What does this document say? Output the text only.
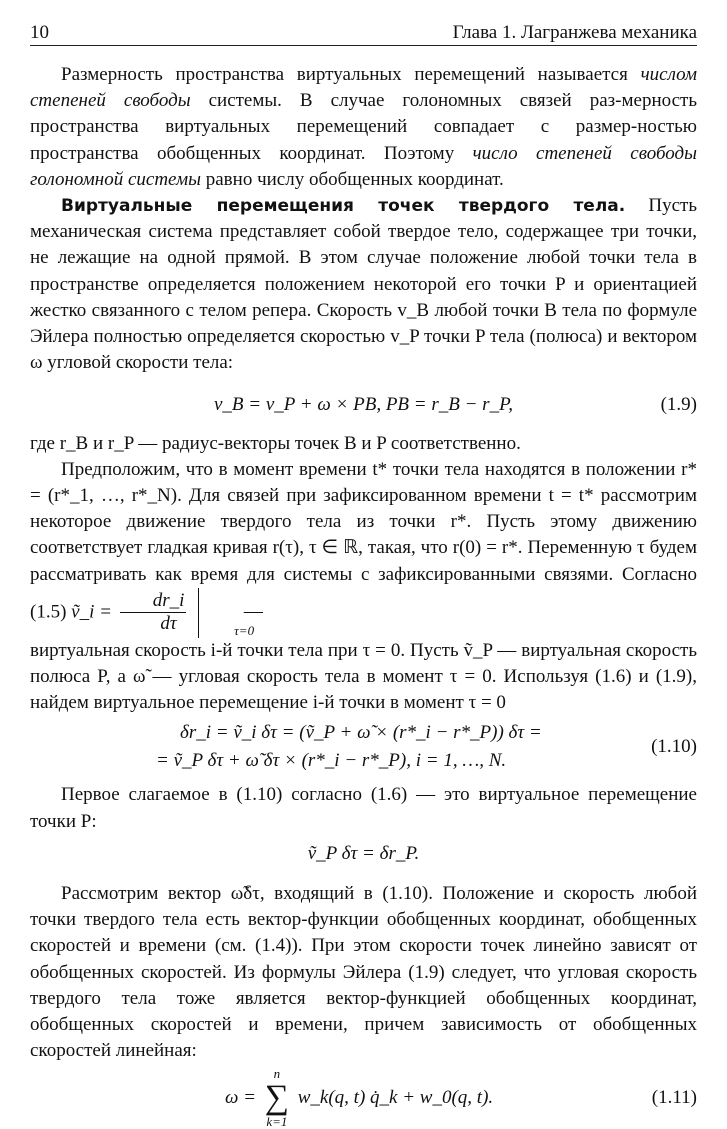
10	Глава 1. Лагранжева механика

Размерность пространства виртуальных перемещений называется числом степеней свободы системы. В случае голономных связей раз-мерность пространства виртуальных перемещений совпадает с размер-ностью пространства обобщенных координат. Поэтому число степеней свободы голономной системы равно числу обобщенных координат.

Виртуальные перемещения точек твердого тела. Пусть механическая система представляет собой твердое тело, содержащее три точки, не лежащие на одной прямой. В этом случае положение любой точки тела в пространстве определяется положением некоторой его точки P и ориентацией жестко связанного с телом репера. Скорость v_B любой точки B тела по формуле Эйлера полностью определяется скоростью v_P точки P тела (полюса) и вектором ω угловой скорости тела:

v_B = v_P + ω × PB, PB = r_B − r_P,	(1.9)

где r_B и r_P — радиус-векторы точек B и P соответственно.

Предположим, что в момент времени t* точки тела находятся в положении r* = (r*_1, …, r*_N). Для связей при зафиксированном времени t = t* рассмотрим некоторое движение твердого тела из точки r*. Пусть этому движению соответствует гладкая кривая r(τ), τ ∈ ℝ, такая, что r(0) = r*. Переменную τ будем рассматривать как время для системы с зафиксированными связями. Согласно (1.5) ṽ_i = $\frac{dr\_i}{d\tau}$
	τ=0
—

виртуальная скорость i-й точки тела при τ = 0. Пусть ṽ_P — виртуальная скорость полюса P, а ω̃ — угловая скорость тела в момент τ = 0. Используя (1.6) и (1.9), найдем виртуальное перемещение i-й точки в момент τ = 0

δr_i = ṽ_i δτ = (ṽ_P + ω̃ × (r*_i − r*_P)) δτ =
= ṽ_P δτ + ω̃ δτ × (r*_i − r*_P), i = 1, …, N.
(1.10)

Первое слагаемое в (1.10) согласно (1.6) — это виртуальное перемещение точки P:

ṽ_P δτ = δr_P.

Рассмотрим вектор ω̃δτ, входящий в (1.10). Положение и скорость любой точки твердого тела есть вектор-функции обобщенных координат, обобщенных скоростей и времени (см. (1.4)). При этом скорости точек линейно зависят от обобщенных скоростей. Из формулы Эйлера (1.9) следует, что угловая скорость твердого тела тоже является вектор-функцией обобщенных координат, обобщенных скоростей и времени, причем зависимость от обобщенных скоростей линейная:

ω =
n
∑
k=1
w_k(q, t) q̇_k + w_0(q, t).	(1.11)
